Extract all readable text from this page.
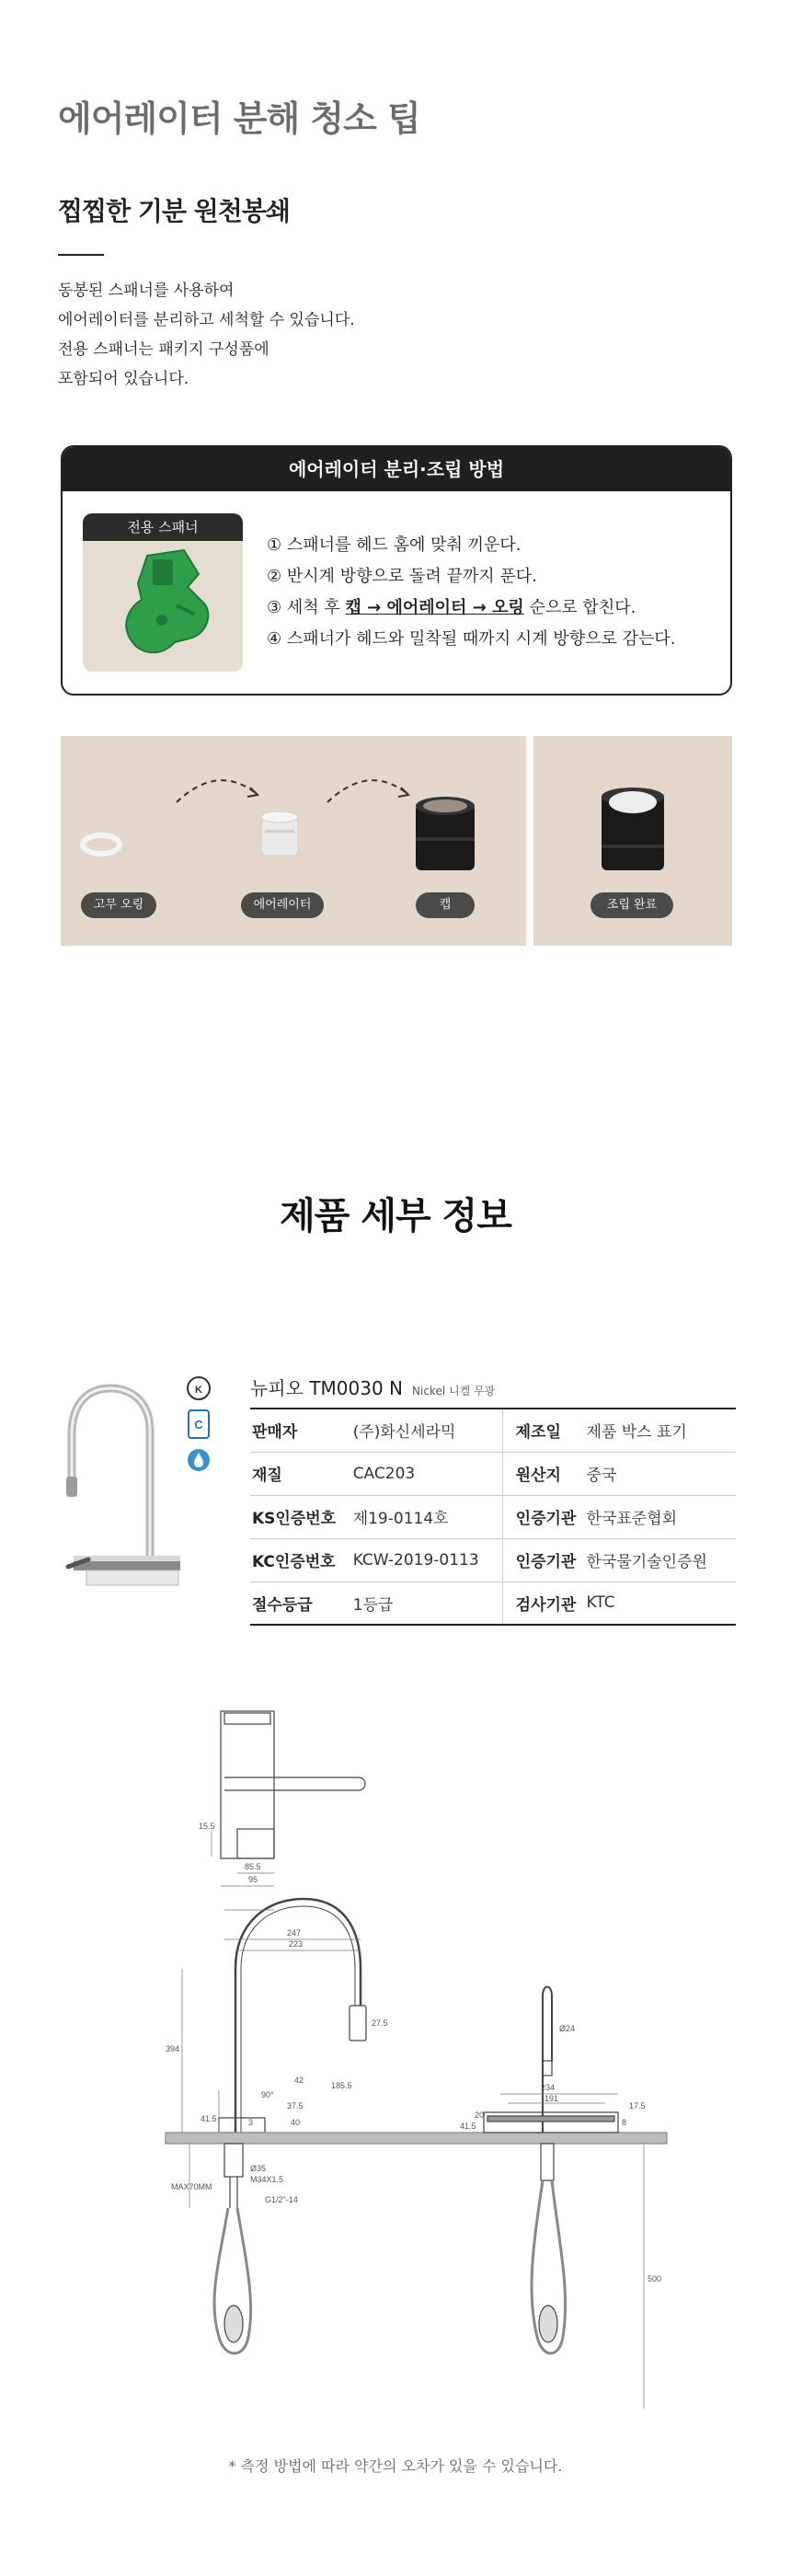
에어레이터 분해 청소 팁
찝찝한 기분 원천봉쇄
동봉된 스패너를 사용하여
에어레이터를 분리하고 세척할 수 있습니다.
전용 스패너는 패키지 구성품에
포함되어 있습니다.
에어레이터 분리·조립 방법
전용 스패너
① 스패너를 헤드 홈에 맞춰 끼운다.
② 반시계 방향으로 돌려 끝까지 푼다.
③ 세척 후 캡 → 에어레이터 → 오링 순으로 합친다.
④ 스패너가 헤드와 밀착될 때까지 시계 방향으로 감는다.
고무 오링	에어레이터	캡	조립 완료
제품 세부 정보
K
C
뉴피오 TM0030 N Nickel 니켈 무광
판매자	(주)화신세라믹	제조일	제품 박스 표기
재질	CAC203	원산지	중국
KS인증번호	제19-0114호	인증기관	한국표준협회
KC인증번호	KCW-2019-0113	인증기관	한국물기술인증원
절수등급	1등급	검사기관	KTC
15.5
85.5
95
247
223
394
27.5
185.5
90°
37.5
42
40
41.5
Ø35
M34X1.5
G1/2"-14
MAX70MM
3
Ø24
234
191
8
41.5
20
17.5
500
* 측정 방법에 따라 약간의 오차가 있을 수 있습니다.
